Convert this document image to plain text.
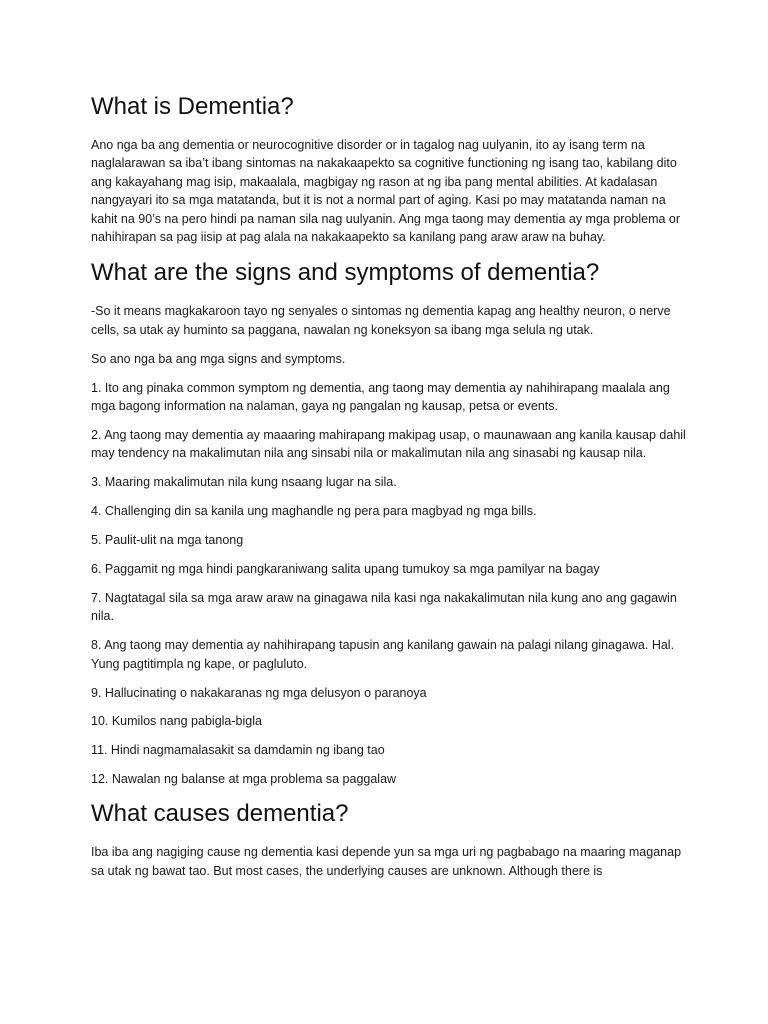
What is Dementia?

Ano nga ba ang dementia or neurocognitive disorder or in tagalog nag uulyanin, ito ay isang term na naglalarawan sa iba’t ibang sintomas na nakakaapekto sa cognitive functioning ng isang tao, kabilang dito ang kakayahang mag isip, makaalala, magbigay ng rason at ng iba pang mental abilities. At kadalasan nangyayari ito sa mga matatanda, but it is not a normal part of aging. Kasi po may matatanda naman na kahit na 90’s na pero hindi pa naman sila nag uulyanin. Ang mga taong may dementia ay mga problema or nahihirapan sa pag iisip at pag alala na nakakaapekto sa kanilang pang araw araw na buhay.

What are the signs and symptoms of dementia?

-So it means magkakaroon tayo ng senyales o sintomas ng dementia kapag ang healthy neuron, o nerve cells, sa utak ay huminto sa paggana, nawalan ng koneksyon sa ibang mga selula ng utak.

So ano nga ba ang mga signs and symptoms.

1. Ito ang pinaka common symptom ng dementia, ang taong may dementia ay nahihirapang maalala ang mga bagong information na nalaman, gaya ng pangalan ng kausap, petsa or events.

2. Ang taong may dementia ay maaaring mahirapang makipag usap, o maunawaan ang kanila kausap dahil may tendency na makalimutan nila ang sinsabi nila or makalimutan nila ang sinasabi ng kausap nila.

3. Maaring makalimutan nila kung nsaang lugar na sila.

4. Challenging din sa kanila ung maghandle ng pera para magbyad ng mga bills.

5. Paulit-ulit na mga tanong

6. Paggamit ng mga hindi pangkaraniwang salita upang tumukoy sa mga pamilyar na bagay

7. Nagtatagal sila sa mga araw araw na ginagawa nila kasi nga nakakalimutan nila kung ano ang gagawin nila.

8. Ang taong may dementia ay nahihirapang tapusin ang kanilang gawain na palagi nilang ginagawa. Hal. Yung pagtitimpla ng kape, or pagluluto.

9. Hallucinating o nakakaranas ng mga delusyon o paranoya

10. Kumilos nang pabigla-bigla

11. Hindi nagmamalasakit sa damdamin ng ibang tao

12. Nawalan ng balanse at mga problema sa paggalaw

What causes dementia?

Iba iba ang nagiging cause ng dementia kasi depende yun sa mga uri ng pagbabago na maaring maganap sa utak ng bawat tao. But most cases, the underlying causes are unknown. Although there is
